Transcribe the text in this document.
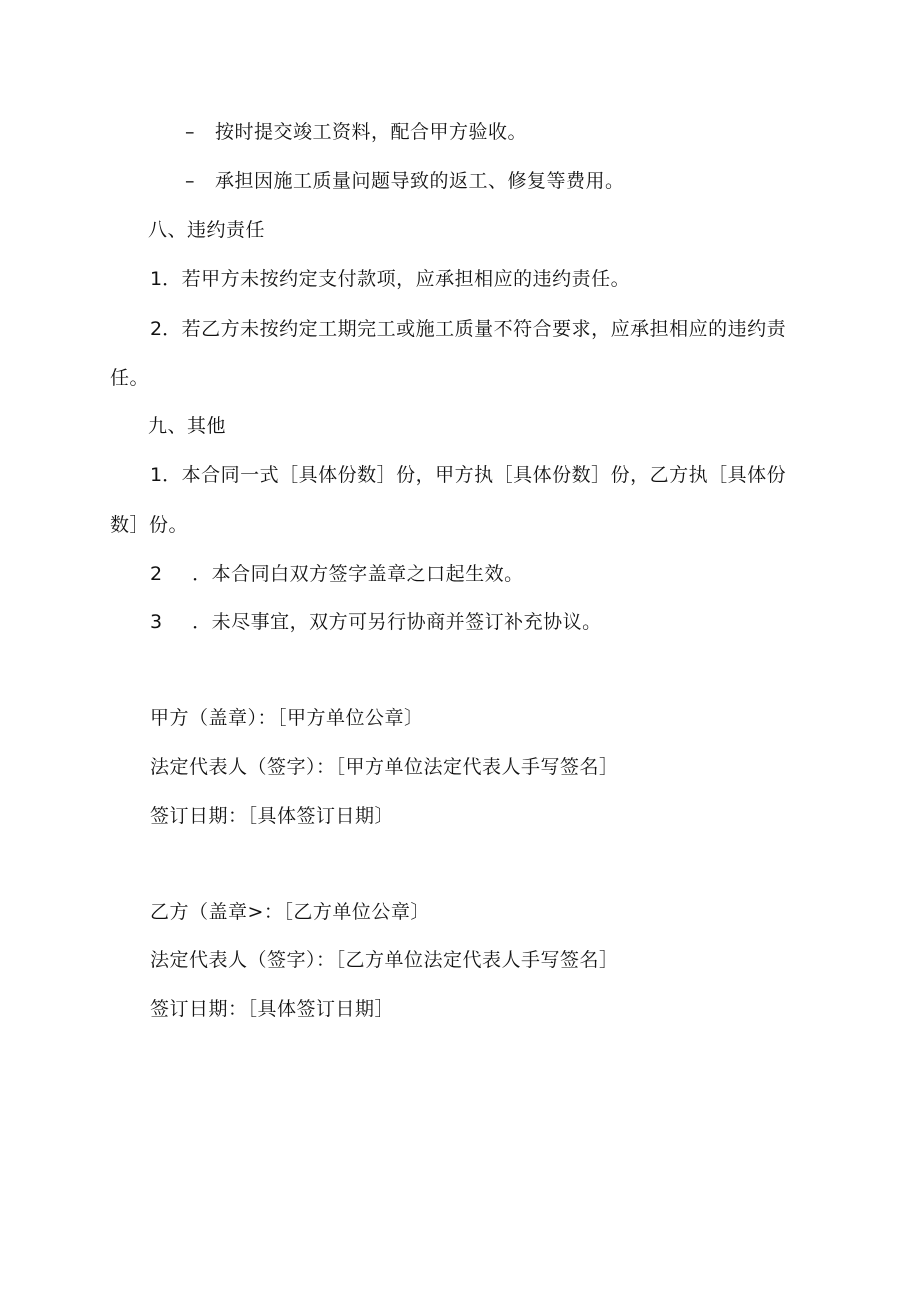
– 按时提交竣工资料，配合甲方验收。
– 承担因施工质量问题导致的返工、修复等费用。
八、违约责任
1．若甲方未按约定支付款项，应承担相应的违约责任。
2．若乙方未按约定工期完工或施工质量不符合要求，应承担相应的违约责
任。
九、其他
1．本合同一式［具体份数］份，甲方执［具体份数］份，乙方执［具体份
数］份。
2 ．本合同白双方签字盖章之口起生效。
3 ．未尽事宜，双方可另行协商并签订补充协议。
甲方（盖章）：［甲方单位公章〕
法定代表人（签字）：［甲方单位法定代表人手写签名］
签订日期：［具体签订日期〕
乙方（盖章>：［乙方单位公章〕
法定代表人（签字）：［乙方单位法定代表人手写签名］
签订日期：［具体签订日期］
